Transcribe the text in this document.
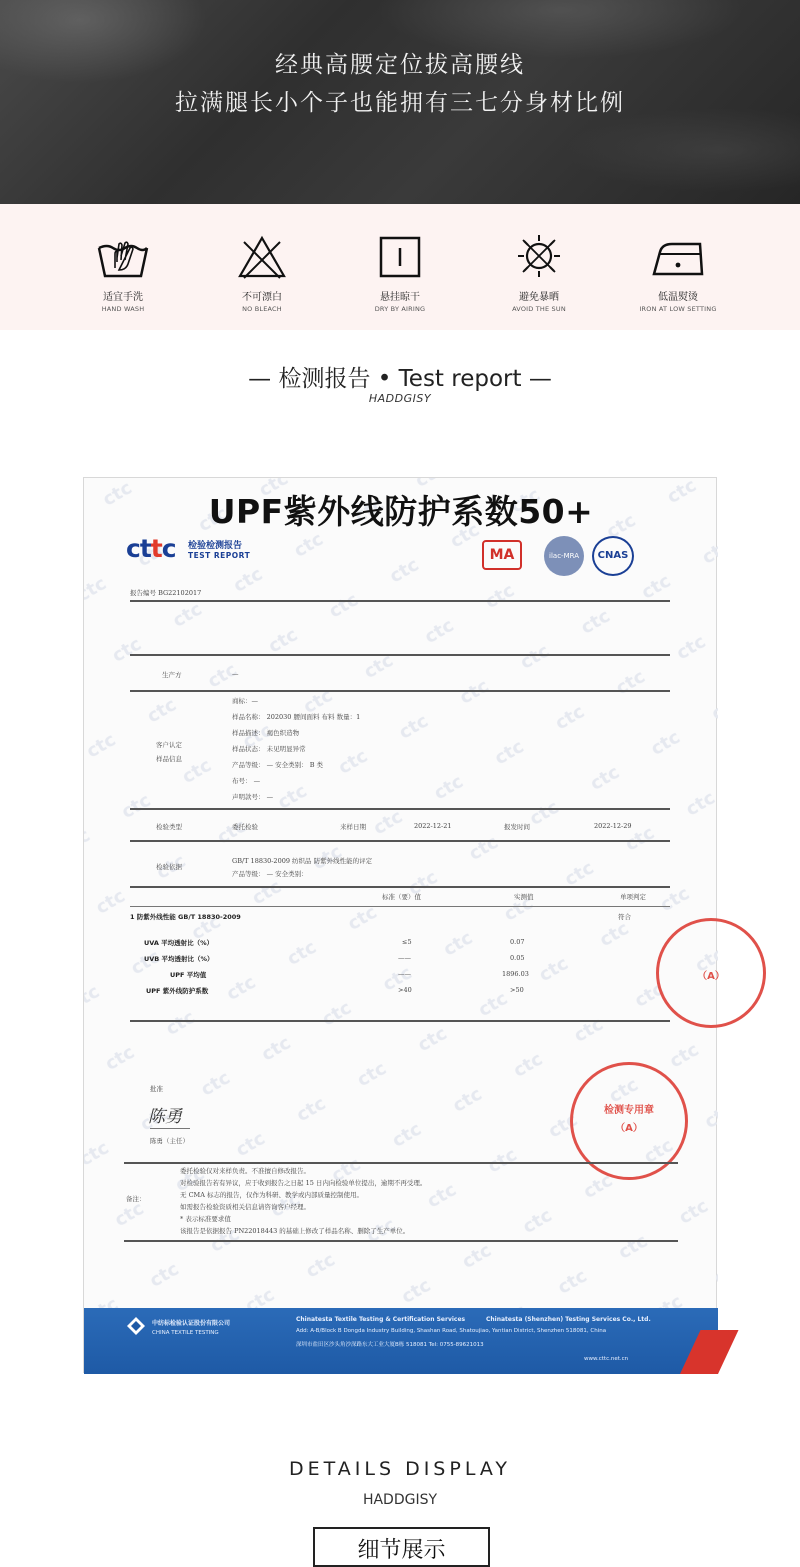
经典高腰定位拔高腰线
拉满腿长小个子也能拥有三七分身材比例
适宜手洗
HAND WASH
不可漂白
NO BLEACH
悬挂晾干
DRY BY AIRING
避免暴晒
AVOID THE SUN
低温熨烫
IRON AT LOW SETTING
— 检测报告 • Test report —
HADDGISY
UPF紫外线防护系数50+
cttc 检验检测报告
TEST REPORT	MA	ilac-MRA	CNAS
报告编号 BG22102017
生产方	—
客户认定
样品信息
商标：—
样品名称： 202030 腰间面料 布料 数量：1
样品描述： 褐色织造物
样品状态： 未见明显异常
产品等级： — 安全类别： B 类
布号： —
声明款号： —
检验类型	委托检验	来样日期	2022-12-21	报发时间	2022-12-29
检验依据
GB/T 18830-2009 纺织品 防紫外线性能的评定
产品等级： — 安全类别：
标准（要）值	实测值	单项判定
1 防紫外线性能 GB/T 18830-2009	符合
UVA 平均透射比（%）	≤5	0.07
UVB 平均透射比（%）	——	0.05
UPF 平均值	——	1896.03
UPF 紫外线防护系数	>40	>50
（A）
批准
陈勇
陈勇（主任）
检测专用章
（A）
备注：
委托检验仅对来样负责。不准擅自修改报告。
对检验报告若有异议，应于收到报告之日起 15 日内向检验单位提出，逾期不再受理。
无 CMA 标志的报告，仅作为科研、教学或内部质量控制使用。
如需报告检验资质相关信息请咨询客户经理。
* 表示标准要求值
该报告是依据报告 PN22018443 的基础上修改了样品名称、删除了生产单位。
中纺标检验认证股份有限公司
CHINA TEXTILE TESTING
Chinatesta Textile Testing & Certification Services	Chinatesta (Shenzhen) Testing Services Co., Ltd.
Add: A-B/Block B Dongda Industry Building, Shashan Road, Shatoujiao, Yantian District, Shenzhen 518081, China
深圳市盐田区沙头角沙深路东大工业大厦B栋 518081 Tel: 0755-89621013
www.cttc.net.cn
DETAILS DISPLAY
HADDGISY
细节展示
